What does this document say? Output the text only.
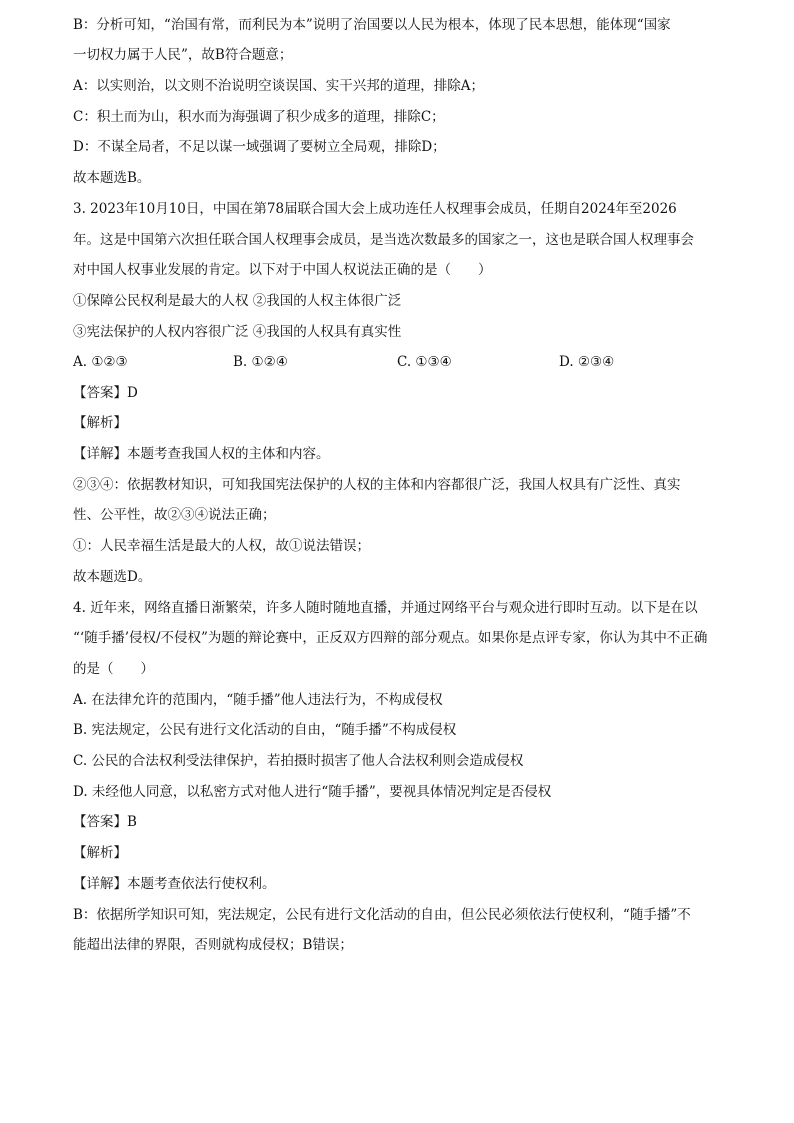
B：分析可知，“治国有常，而利民为本”说明了治国要以人民为根本，体现了民本思想，能体现“国家
一切权力属于人民”，故B符合题意；
A：以实则治，以文则不治说明空谈误国、实干兴邦的道理，排除A；
C：积土而为山，积水而为海强调了积少成多的道理，排除C；
D：不谋全局者，不足以谋一域强调了要树立全局观，排除D；
故本题选B。
3. 2023年10月10日，中国在第78届联合国大会上成功连任人权理事会成员，任期自2024年至2026
年。这是中国第六次担任联合国人权理事会成员，是当选次数最多的国家之一，这也是联合国人权理事会
对中国人权事业发展的肯定。以下对于中国人权说法正确的是（　　）
①保障公民权利是最大的人权 ②我国的人权主体很广泛
③宪法保护的人权内容很广泛 ④我国的人权具有真实性
A. ①②③	B. ①②④	C. ①③④	D. ②③④
【答案】D
【解析】
【详解】本题考查我国人权的主体和内容。
②③④：依据教材知识，可知我国宪法保护的人权的主体和内容都很广泛，我国人权具有广泛性、真实
性、公平性，故②③④说法正确；
①：人民幸福生活是最大的人权，故①说法错误；
故本题选D。
4. 近年来，网络直播日渐繁荣，许多人随时随地直播，并通过网络平台与观众进行即时互动。以下是在以
“‘随手播’侵权/不侵权”为题的辩论赛中，正反双方四辩的部分观点。如果你是点评专家，你认为其中不正确
的是（　　）
A. 在法律允许的范围内，“随手播”他人违法行为，不构成侵权
B. 宪法规定，公民有进行文化活动的自由，“随手播”不构成侵权
C. 公民的合法权利受法律保护，若拍摄时损害了他人合法权利则会造成侵权
D. 未经他人同意，以私密方式对他人进行“随手播”，要视具体情况判定是否侵权
【答案】B
【解析】
【详解】本题考查依法行使权利。
B：依据所学知识可知，宪法规定，公民有进行文化活动的自由，但公民必须依法行使权利，“随手播”不
能超出法律的界限，否则就构成侵权；B错误；
